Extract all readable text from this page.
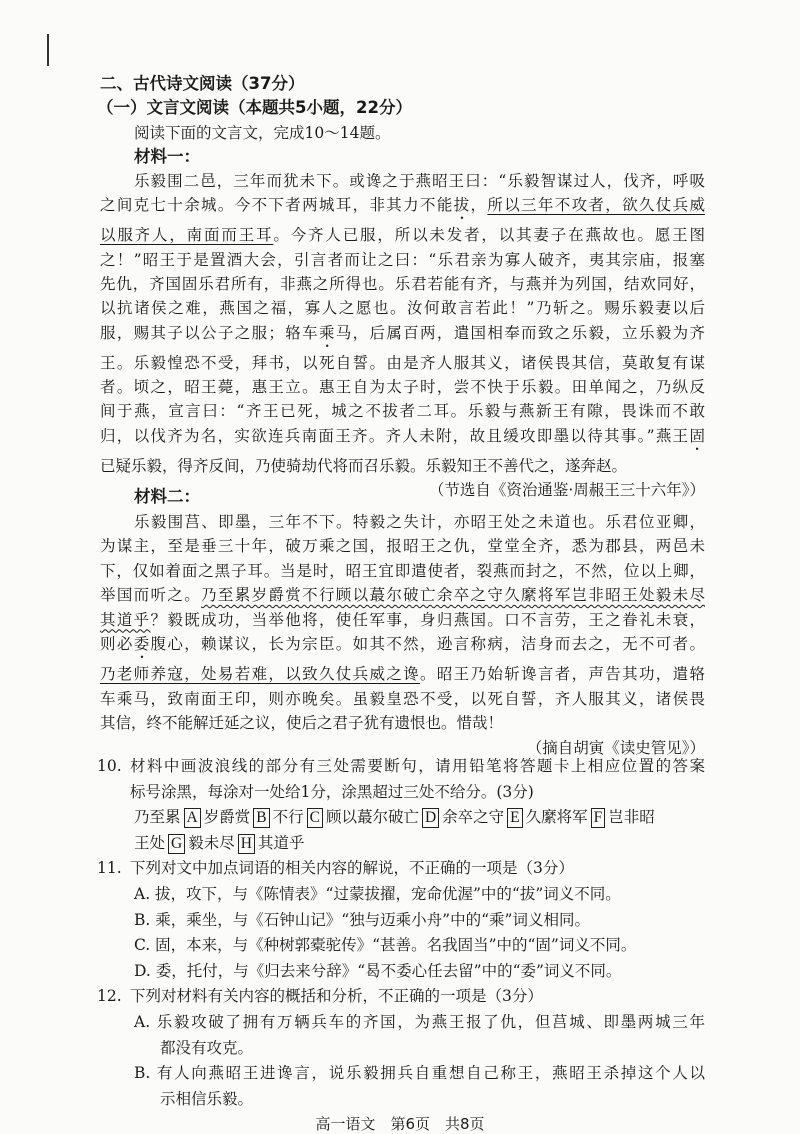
二、古代诗文阅读（37分）
（一）文言文阅读（本题共5小题，22分）
阅读下面的文言文，完成10～14题。
材料一：
乐毅围二邑，三年而犹未下。或谗之于燕昭王曰：“乐毅智谋过人，伐齐，呼吸
之间克七十余城。今不下者两城耳，非其力不能拔，所以三年不攻者，欲久仗兵威
以服齐人，南面而王耳。今齐人已服，所以未发者，以其妻子在燕故也。愿王图
之！”昭王于是置酒大会，引言者而让之曰：“乐君亲为寡人破齐，夷其宗庙，报塞
先仇，齐国固乐君所有，非燕之所得也。乐君若能有齐，与燕并为列国，结欢同好，
以抗诸侯之难，燕国之福，寡人之愿也。汝何敢言若此！”乃斩之。赐乐毅妻以后
服，赐其子以公子之服；辂车乘马，后属百两，遣国相奉而致之乐毅，立乐毅为齐
王。乐毅惶恐不受，拜书，以死自誓。由是齐人服其义，诸侯畏其信，莫敢复有谋
者。顷之，昭王薨，惠王立。惠王自为太子时，尝不快于乐毅。田单闻之，乃纵反
间于燕，宣言曰：“齐王已死，城之不拔者二耳。乐毅与燕新王有隙，畏诛而不敢
归，以伐齐为名，实欲连兵南面王齐。齐人未附，故且缓攻即墨以待其事。”燕王固
已疑乐毅，得齐反间，乃使骑劫代将而召乐毅。乐毅知王不善代之，遂奔赵。
（节选自《资治通鉴·周赧王三十六年》）
材料二：
乐毅围莒、即墨，三年不下。特毅之失计，亦昭王处之未道也。乐君位亚卿，
为谋主，至是垂三十年，破万乘之国，报昭王之仇，堂堂全齐，悉为郡县，两邑未
下，仅如着面之黑子耳。当是时，昭王宜即遣使者，裂燕而封之，不然，位以上卿，
举国而听之。乃至累岁爵赏不行顾以蕞尔破亡余卒之守久縻将军岂非昭王处毅未尽
其道乎？毅既成功，当举他将，使任军事，身归燕国。口不言劳，王之眷礼未衰，
则必委腹心，赖谋议，长为宗臣。如其不然，逊言称病，洁身而去之，无不可者。
乃老师养寇，处易若难，以致久仗兵威之谗。昭王乃始斩谗言者，声告其功，遣辂
车乘马，致南面王印，则亦晚矣。虽毅皇恐不受，以死自誓，齐人服其义，诸侯畏
其信，终不能解迁延之议，使后之君子犹有遗恨也。惜哉！
（摘自胡寅《读史管见》）
10. 材料中画波浪线的部分有三处需要断句，请用铅笔将答题卡上相应位置的答案
标号涂黑，每涂对一处给1分，涂黑超过三处不给分。(3分)
乃至累 A 岁爵赏 B 不行 C 顾以蕞尔破亡 D 余卒之守 E 久縻将军 F 岂非昭
王处 G 毅未尽 H 其道乎
11. 下列对文中加点词语的相关内容的解说，不正确的一项是（3分）
A. 拔，攻下，与《陈情表》“过蒙拔擢，宠命优渥”中的“拔”词义不同。
B. 乘，乘坐，与《石钟山记》“独与迈乘小舟”中的“乘”词义相同。
C. 固，本来，与《种树郭橐驼传》“甚善。名我固当”中的“固”词义不同。
D. 委，托付，与《归去来兮辞》“曷不委心任去留”中的“委”词义不同。
12. 下列对材料有关内容的概括和分析，不正确的一项是（3分）
A. 乐毅攻破了拥有万辆兵车的齐国，为燕王报了仇，但莒城、即墨两城三年
都没有攻克。
B. 有人向燕昭王进谗言，说乐毅拥兵自重想自己称王，燕昭王杀掉这个人以
示相信乐毅。
高一语文　第6页　共8页
